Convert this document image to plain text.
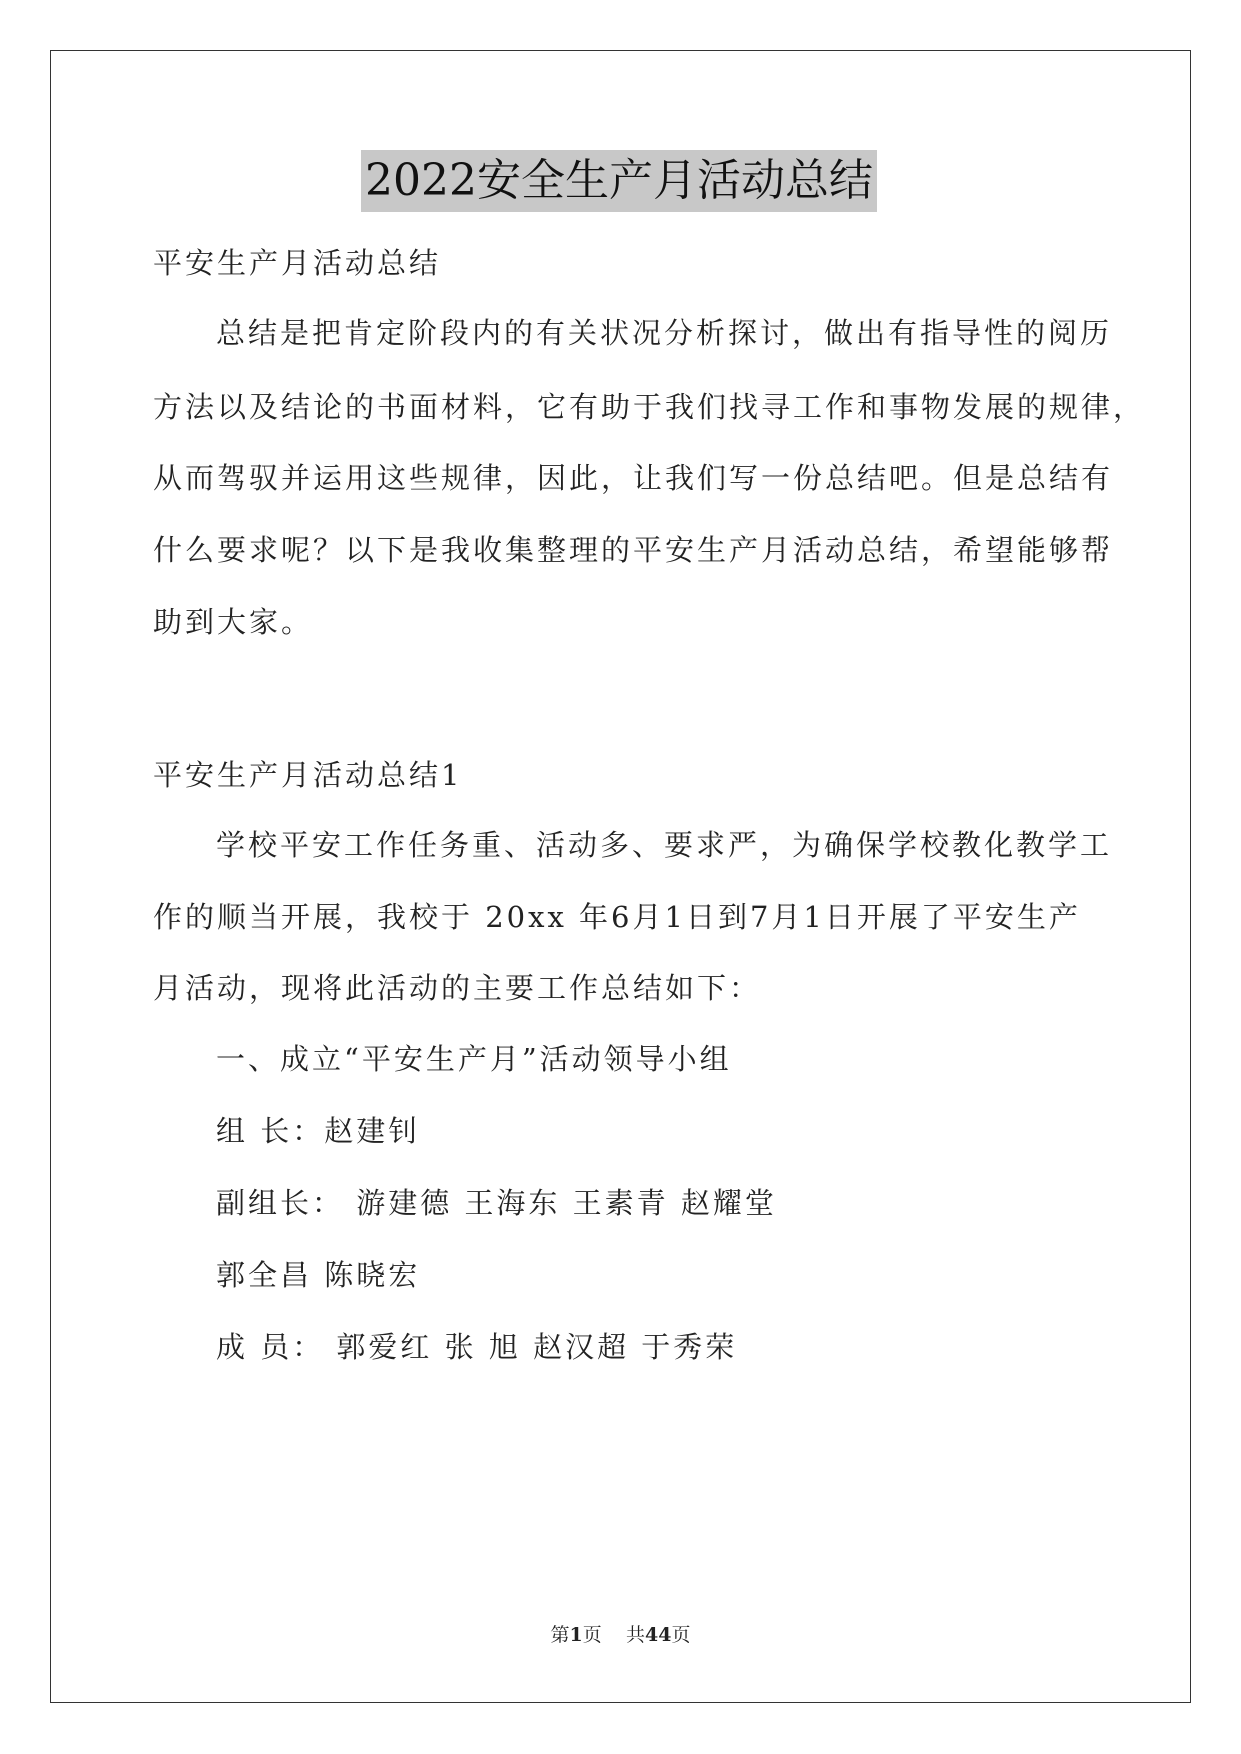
2022安全生产月活动总结
平安生产月活动总结
总结是把肯定阶段内的有关状况分析探讨，做出有指导性的阅历
方法以及结论的书面材料，它有助于我们找寻工作和事物发展的规律，
从而驾驭并运用这些规律，因此，让我们写一份总结吧。但是总结有
什么要求呢？以下是我收集整理的平安生产月活动总结，希望能够帮
助到大家。
平安生产月活动总结1
学校平安工作任务重、活动多、要求严，为确保学校教化教学工
作的顺当开展，我校于 20xx 年6月1日到7月1日开展了平安生产
月活动，现将此活动的主要工作总结如下：
一、成立“平安生产月”活动领导小组
组 长：赵建钊
副组长： 游建德 王海东 王素青 赵耀堂
郭全昌 陈晓宏
成 员： 郭爱红 张 旭 赵汉超 于秀荣
第1页 共44页
